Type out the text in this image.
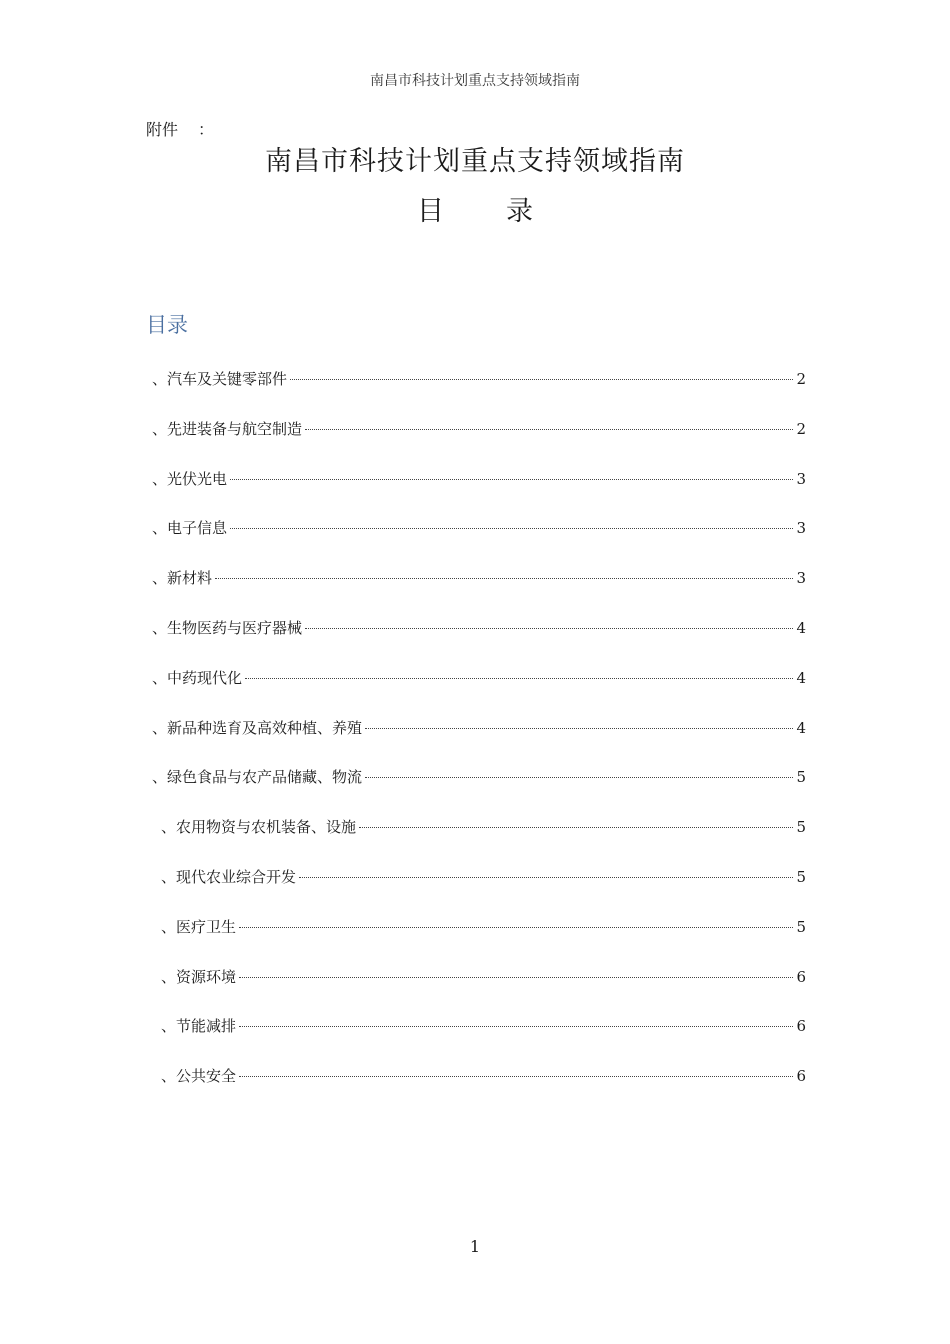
南昌市科技计划重点支持领域指南
附件 ：
南昌市科技计划重点支持领域指南
目 录
目录
、汽车及关键零部件	2
、先进装备与航空制造	2
、光伏光电	3
、电子信息	3
、新材料	3
、生物医药与医疗器械	4
、中药现代化	4
、新品种选育及高效种植、养殖	4
、绿色食品与农产品储藏、物流	5
、农用物资与农机装备、设施	5
、现代农业综合开发	5
、医疗卫生	5
、资源环境	6
、节能减排	6
、公共安全	6
1
